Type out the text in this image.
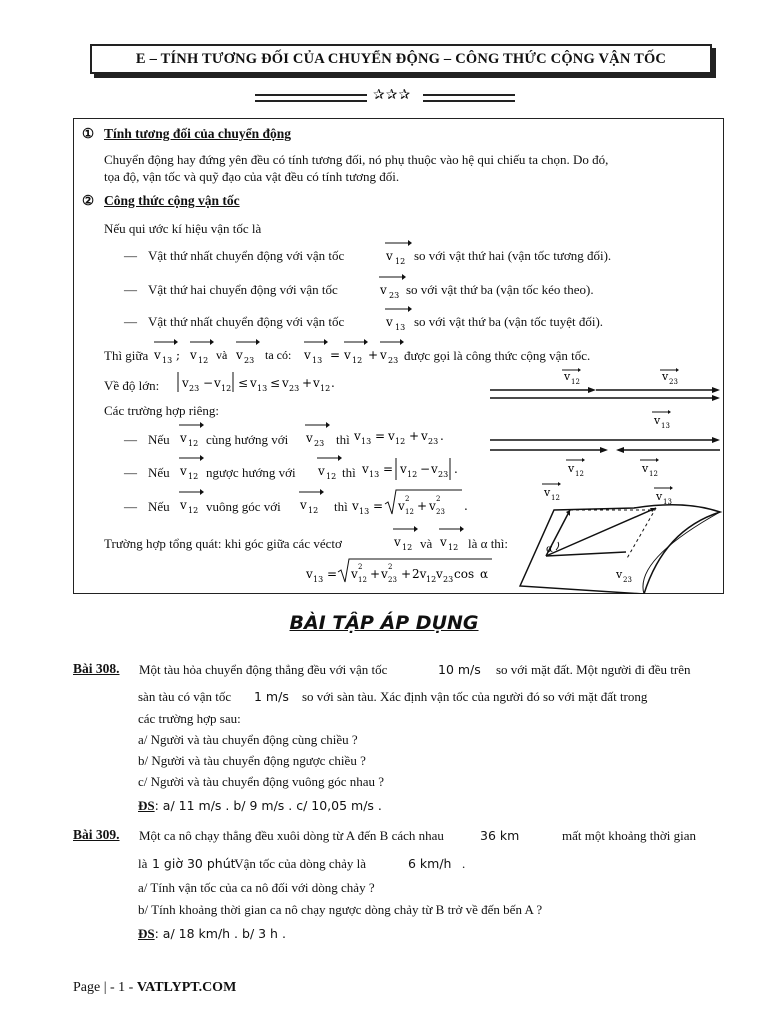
E – TÍNH TƯƠNG ĐỐI CỦA CHUYỂN ĐỘNG – CÔNG THỨC CỘNG VẬN TỐC
✰✰✰
① Tính tương đối của chuyển động
Chuyển động hay đứng yên đều có tính tương đối, nó phụ thuộc vào hệ qui chiếu ta chọn. Do đó,
tọa độ, vận tốc và quỹ đạo của vật đều có tính tương đối.
② Công thức cộng vận tốc
Nếu qui ước kí hiệu vận tốc là
— Vật thứ nhất chuyển động với vận tốc	v 12 so với vật thứ hai (vận tốc tương đối).
— Vật thứ hai chuyển động với vận tốc	v 23 so với vật thứ ba (vận tốc kéo theo).
— Vật thứ nhất chuyển động với vận tốc	v 13 so với vật thứ ba (vận tốc tuyệt đối).
Thì giữa v 13 ; v 12 và v 23 ta có: v 13 = v 12 + v 23 được gọi là công thức cộng vận tốc.
Về độ lớn: v 23 − v 12 ≤ v 13 ≤ v 23 + v 12 .
Các trường hợp riêng:
— Nếu v 12 cùng hướng với v 23 thì v 13 = v 12 + v 23 .
— Nếu v 12 ngược hướng với v 12 thì v 13 = v 12 − v 23 .
— Nếu v 12 vuông góc với v 12 thì v 13 = v 2
12 + v 2
23 .
Trường hợp tổng quát: khi góc giữa các véctơ	v 12 và v 12 là α thì:
v 13 = v 2
12 + v 2
23 + 2v 12 v 23 cos α
v 12	v 23
v 13
v 12	v 12
v 12	v 13
α
v 23
BÀI TẬP ÁP DỤNG
Bài 308. Một tàu hỏa chuyển động thẳng đều với vận tốc	10 m/s so với mặt đất. Một người đi đều trên
sàn tàu có vận tốc 1 m/s so với sàn tàu. Xác định vận tốc của người đó so với mặt đất trong
các trường hợp sau:
a/ Người và tàu chuyển động cùng chiều ?
b/ Người và tàu chuyển động ngược chiều ?
c/ Người và tàu chuyển động vuông góc nhau ?
ĐS: a/ 11 m/s . b/ 9 m/s . c/ 10,05 m/s .
Bài 309. Một ca nô chạy thẳng đều xuôi dòng từ A đến B cách nhau	36 km	mất một khoảng thời gian
là 1 giờ 30 phút
. Vận tốc của dòng chảy là	6 km/h .
a/ Tính vận tốc của ca nô đối với dòng chảy ?
b/ Tính khoảng thời gian ca nô chạy ngược dòng chảy từ B trở về đến bến A ?
ĐS: a/ 18 km/h . b/ 3 h .
Page | - 1 - VATLYPT.COM
